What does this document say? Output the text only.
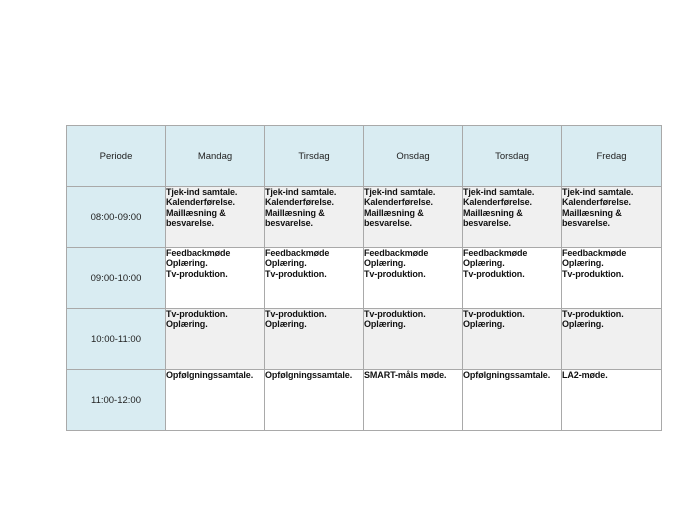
Periode	Mandag	Tirsdag	Onsdag	Torsdag	Fredag
08:00-09:00	Tjek-ind samtale.
Kalenderførelse.
Maillæsning &
besvarelse.	Tjek-ind samtale.
Kalenderførelse.
Maillæsning &
besvarelse.	Tjek-ind samtale.
Kalenderførelse.
Maillæsning &
besvarelse.	Tjek-ind samtale.
Kalenderførelse.
Maillæsning &
besvarelse.	Tjek-ind samtale.
Kalenderførelse.
Maillæsning &
besvarelse.
09:00-10:00	Feedbackmøde
Oplæring.
Tv-produktion.	Feedbackmøde
Oplæring.
Tv-produktion.	Feedbackmøde
Oplæring.
Tv-produktion.	Feedbackmøde
Oplæring.
Tv-produktion.	Feedbackmøde
Oplæring.
Tv-produktion.
10:00-11:00	Tv-produktion.
Oplæring.	Tv-produktion.
Oplæring.	Tv-produktion.
Oplæring.	Tv-produktion.
Oplæring.	Tv-produktion.
Oplæring.
11:00-12:00	Opfølgningssamtale.	Opfølgningssamtale.	SMART-måls møde.	Opfølgningssamtale.	LA2-møde.
